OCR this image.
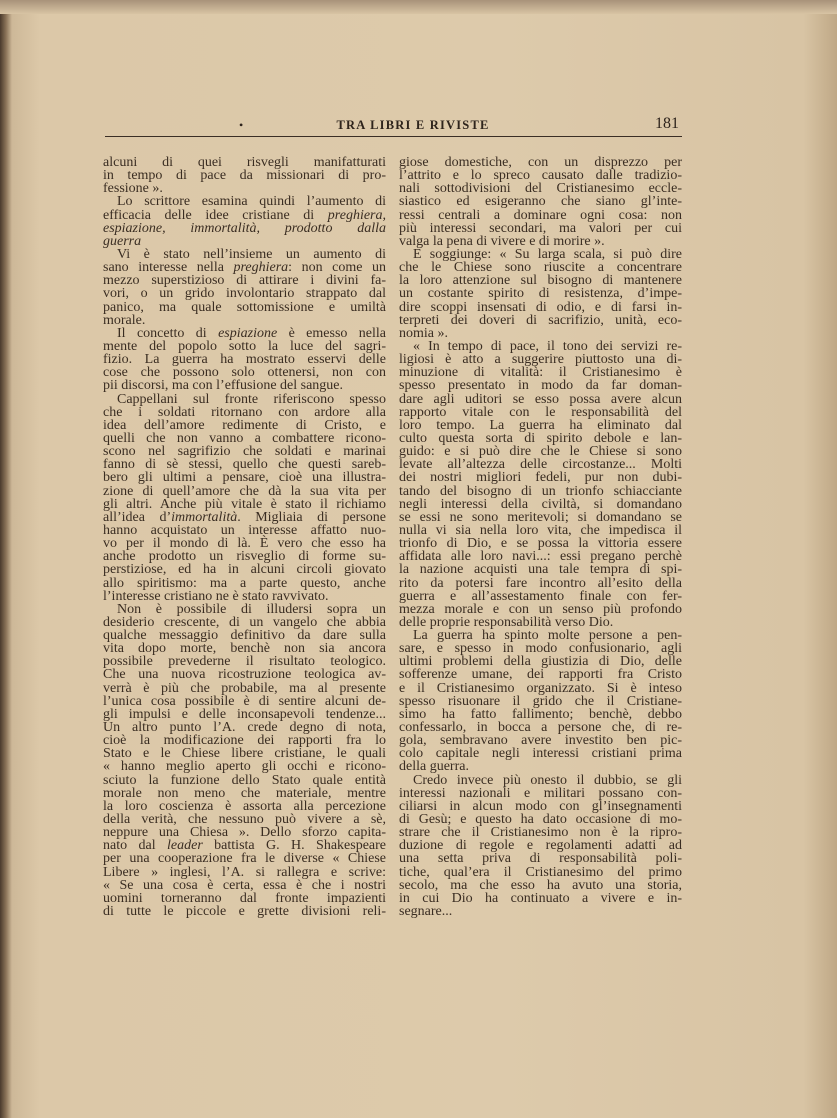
•	TRA LIBRI E RIVISTE	181
alcuni di quei risvegli manifatturati
in tempo di pace da missionari di pro-
fessione ».
Lo scrittore esamina quindi l’aumento di
efficacia delle idee cristiane di preghiera,
espiazione, immortalità, prodotto dalla
guerra
Vi è stato nell’insieme un aumento di
sano interesse nella preghiera: non come un
mezzo superstizioso di attirare i divini fa-
vori, o un grido involontario strappato dal
panico, ma quale sottomissione e umiltà
morale.
Il concetto di espiazione è emesso nella
mente del popolo sotto la luce del sagri-
fizio. La guerra ha mostrato esservi delle
cose che possono solo ottenersi, non con
pii discorsi, ma con l’effusione del sangue.
Cappellani sul fronte riferiscono spesso
che i soldati ritornano con ardore alla
idea dell’amore redimente di Cristo, e
quelli che non vanno a combattere ricono-
scono nel sagrifizio che soldati e marinai
fanno di sè stessi, quello che questi sareb-
bero gli ultimi a pensare, cioè una illustra-
zione di quell’amore che dà la sua vita per
gli altri. Anche più vitale è stato il richiamo
all’idea d’immortalità. Migliaia di persone
hanno acquistato un interesse affatto nuo-
vo per il mondo di là. È vero che esso ha
anche prodotto un risveglio di forme su-
perstiziose, ed ha in alcuni circoli giovato
allo spiritismo: ma a parte questo, anche
l’interesse cristiano ne è stato ravvivato.
Non è possibile di illudersi sopra un
desiderio crescente, di un vangelo che abbia
qualche messaggio definitivo da dare sulla
vita dopo morte, benchè non sia ancora
possibile prevederne il risultato teologico.
Che una nuova ricostruzione teologica av-
verrà è più che probabile, ma al presente
l’unica cosa possibile è di sentire alcuni de-
gli impulsi e delle inconsapevoli tendenze...
Un altro punto l’A. crede degno di nota,
cioè la modificazione dei rapporti fra lo
Stato e le Chiese libere cristiane, le quali
« hanno meglio aperto gli occhi e ricono-
sciuto la funzione dello Stato quale entità
morale non meno che materiale, mentre
la loro coscienza è assorta alla percezione
della verità, che nessuno può vivere a sè,
neppure una Chiesa ». Dello sforzo capita-
nato dal leader battista G. H. Shakespeare
per una cooperazione fra le diverse « Chiese
Libere » inglesi, l’A. si rallegra e scrive:
« Se una cosa è certa, essa è che i nostri
uomini torneranno dal fronte impazienti
di tutte le piccole e grette divisioni reli-
giose domestiche, con un disprezzo per
l’attrito e lo spreco causato dalle tradizio-
nali sottodivisioni del Cristianesimo eccle-
siastico ed esigeranno che siano gl’inte-
ressi centrali a dominare ogni cosa: non
più interessi secondari, ma valori per cui
valga la pena di vivere e di morire ».
E soggiunge: « Su larga scala, si può dire
che le Chiese sono riuscite a concentrare
la loro attenzione sul bisogno di mantenere
un costante spirito di resistenza, d’impe-
dire scoppi insensati di odio, e di farsi in-
terpreti dei doveri di sacrifizio, unità, eco-
nomia ».
« In tempo di pace, il tono dei servizi re-
ligiosi è atto a suggerire piuttosto una di-
minuzione di vitalità: il Cristianesimo è
spesso presentato in modo da far doman-
dare agli uditori se esso possa avere alcun
rapporto vitale con le responsabilità del
loro tempo. La guerra ha eliminato dal
culto questa sorta di spirito debole e lan-
guido: e si può dire che le Chiese si sono
levate all’altezza delle circostanze... Molti
dei nostri migliori fedeli, pur non dubi-
tando del bisogno di un trionfo schiacciante
negli interessi della civiltà, si domandano
se essi ne sono meritevoli; si domandano se
nulla vi sia nella loro vita, che impedisca il
trionfo di Dio, e se possa la vittoria essere
affidata alle loro navi...: essi pregano perchè
la nazione acquisti una tale tempra di spi-
rito da potersi fare incontro all’esito della
guerra e all’assestamento finale con fer-
mezza morale e con un senso più profondo
delle proprie responsabilità verso Dio.
La guerra ha spinto molte persone a pen-
sare, e spesso in modo confusionario, agli
ultimi problemi della giustizia di Dio, delle
sofferenze umane, dei rapporti fra Cristo
e il Cristianesimo organizzato. Si è inteso
spesso risuonare il grido che il Cristiane-
simo ha fatto fallimento; benchè, debbo
confessarlo, in bocca a persone che, di re-
gola, sembravano avere investito ben pic-
colo capitale negli interessi cristiani prima
della guerra.
Credo invece più onesto il dubbio, se gli
interessi nazionali e militari possano con-
ciliarsi in alcun modo con gl’insegnamenti
di Gesù; e questo ha dato occasione di mo-
strare che il Cristianesimo non è la ripro-
duzione di regole e regolamenti adatti ad
una setta priva di responsabilità poli-
tiche, qual’era il Cristianesimo del primo
secolo, ma che esso ha avuto una storia,
in cui Dio ha continuato a vivere e in-
segnare...
